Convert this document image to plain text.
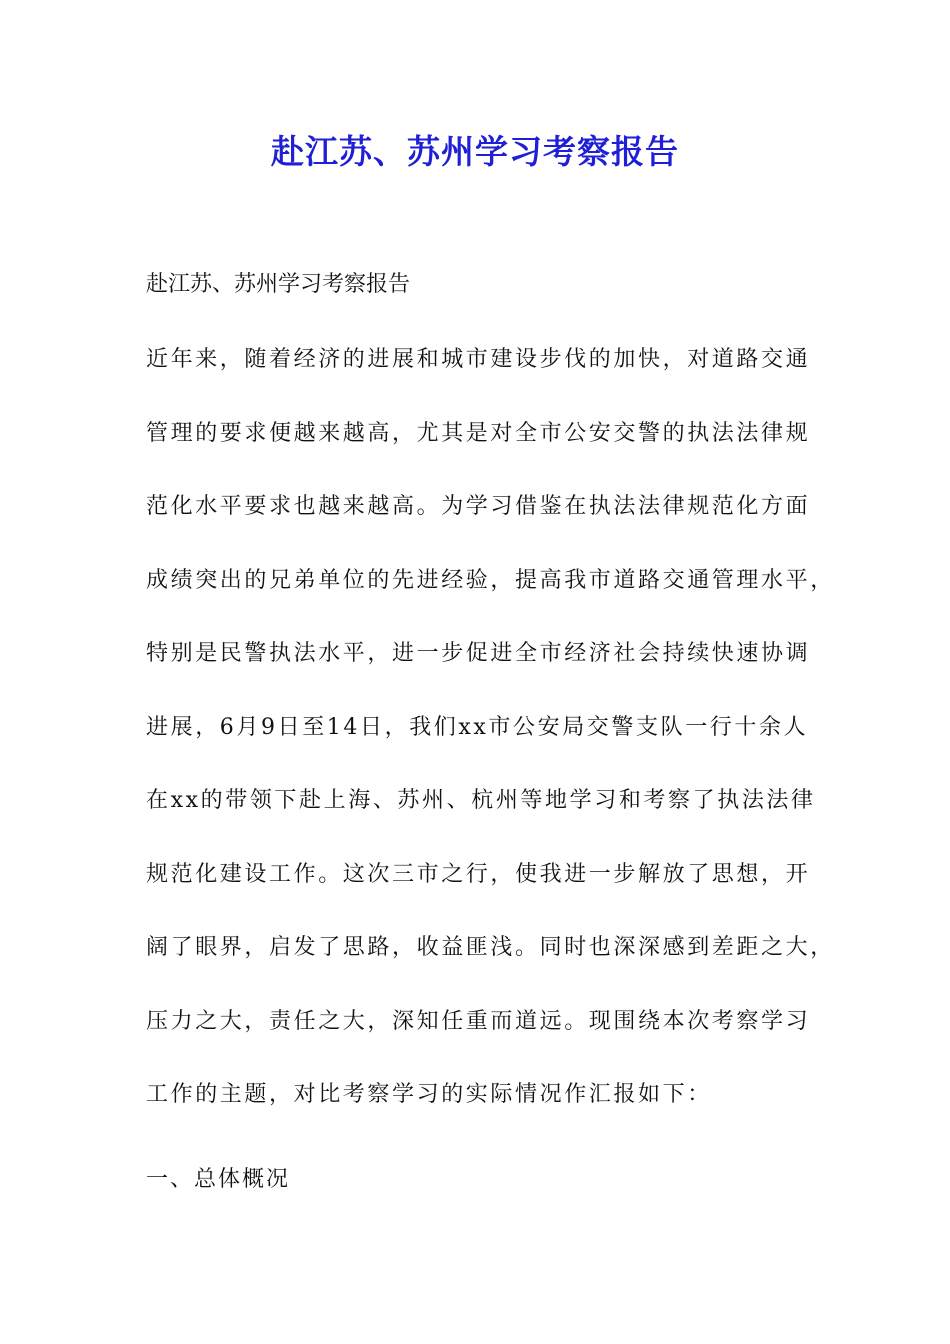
赴江苏、苏州学习考察报告
赴江苏、苏州学习考察报告
近年来，随着经济的进展和城市建设步伐的加快，对道路交通
管理的要求便越来越高，尤其是对全市公安交警的执法法律规
范化水平要求也越来越高。为学习借鉴在执法法律规范化方面
成绩突出的兄弟单位的先进经验，提高我市道路交通管理水平，
特别是民警执法水平，进一步促进全市经济社会持续快速协调
进展，6月9日至14日，我们xx市公安局交警支队一行十余人
在xx的带领下赴上海、苏州、杭州等地学习和考察了执法法律
规范化建设工作。这次三市之行，使我进一步解放了思想，开
阔了眼界，启发了思路，收益匪浅。同时也深深感到差距之大，
压力之大，责任之大，深知任重而道远。现围绕本次考察学习
工作的主题，对比考察学习的实际情况作汇报如下：
一、总体概况
